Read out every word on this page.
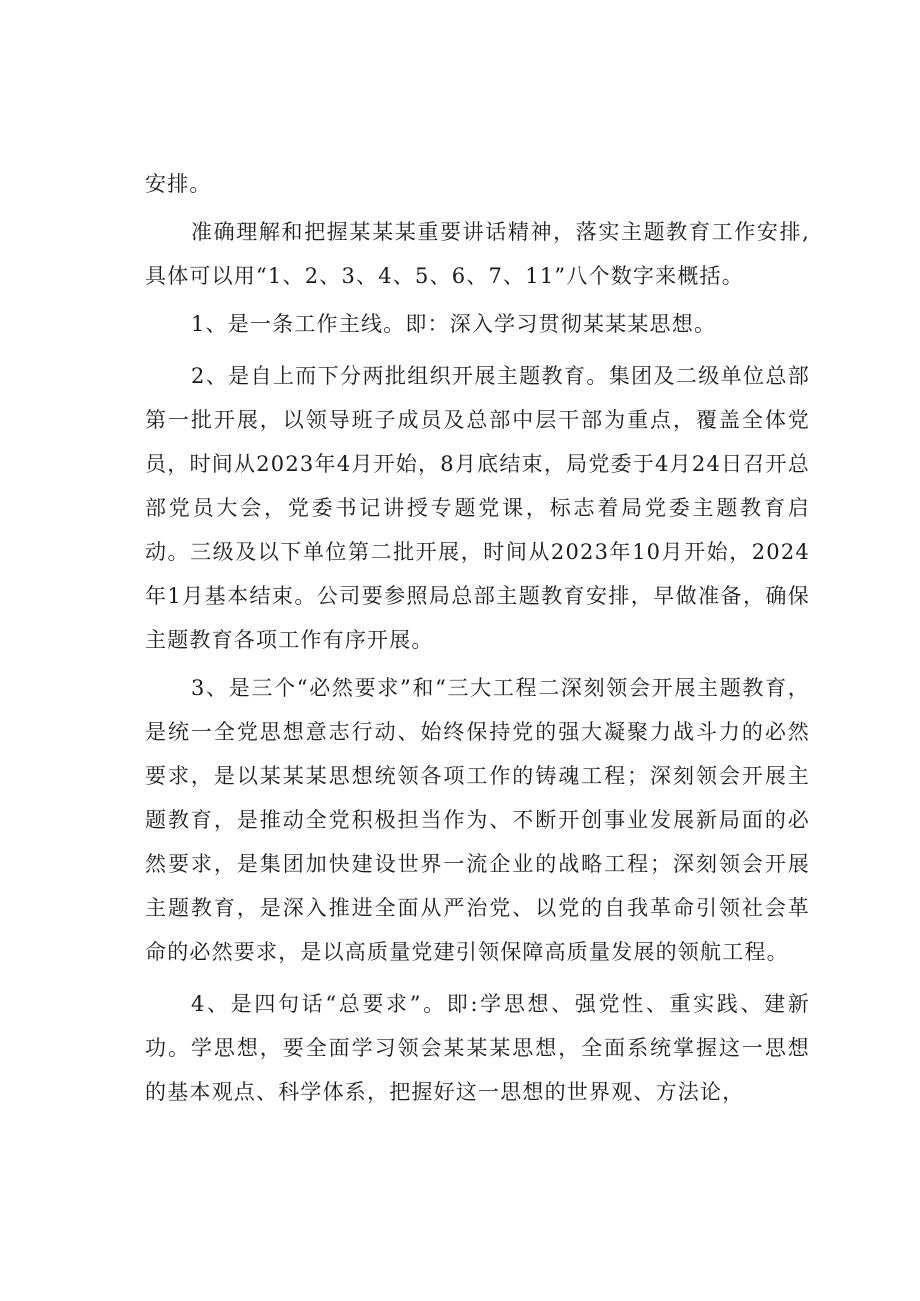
安排。

准确理解和把握某某某重要讲话精神，落实主题教育工作安排,具体可以用“1、2、3、4、5、6、7、11”八个数字来概括。

1、是一条工作主线。即：深入学习贯彻某某某思想。

2、是自上而下分两批组织开展主题教育。集团及二级单位总部第一批开展，以领导班子成员及总部中层干部为重点，覆盖全体党员，时间从2023年4月开始，8月底结束，局党委于4月24日召开总部党员大会，党委书记讲授专题党课，标志着局党委主题教育启动。三级及以下单位第二批开展，时间从2023年10月开始，2024年1月基本结束。公司要参照局总部主题教育安排，早做准备，确保主题教育各项工作有序开展。

3、是三个“必然要求”和“三大工程二深刻领会开展主题教育，是统一全党思想意志行动、始终保持党的强大凝聚力战斗力的必然要求，是以某某某思想统领各项工作的铸魂工程；深刻领会开展主题教育，是推动全党积极担当作为、不断开创事业发展新局面的必然要求，是集团加快建设世界一流企业的战略工程；深刻领会开展主题教育，是深入推进全面从严治党、以党的自我革命引领社会革命的必然要求，是以高质量党建引领保障高质量发展的领航工程。

4、是四句话“总要求”。即:学思想、强党性、重实践、建新功。学思想，要全面学习领会某某某思想，全面系统掌握这一思想的基本观点、科学体系，把握好这一思想的世界观、方法论，
